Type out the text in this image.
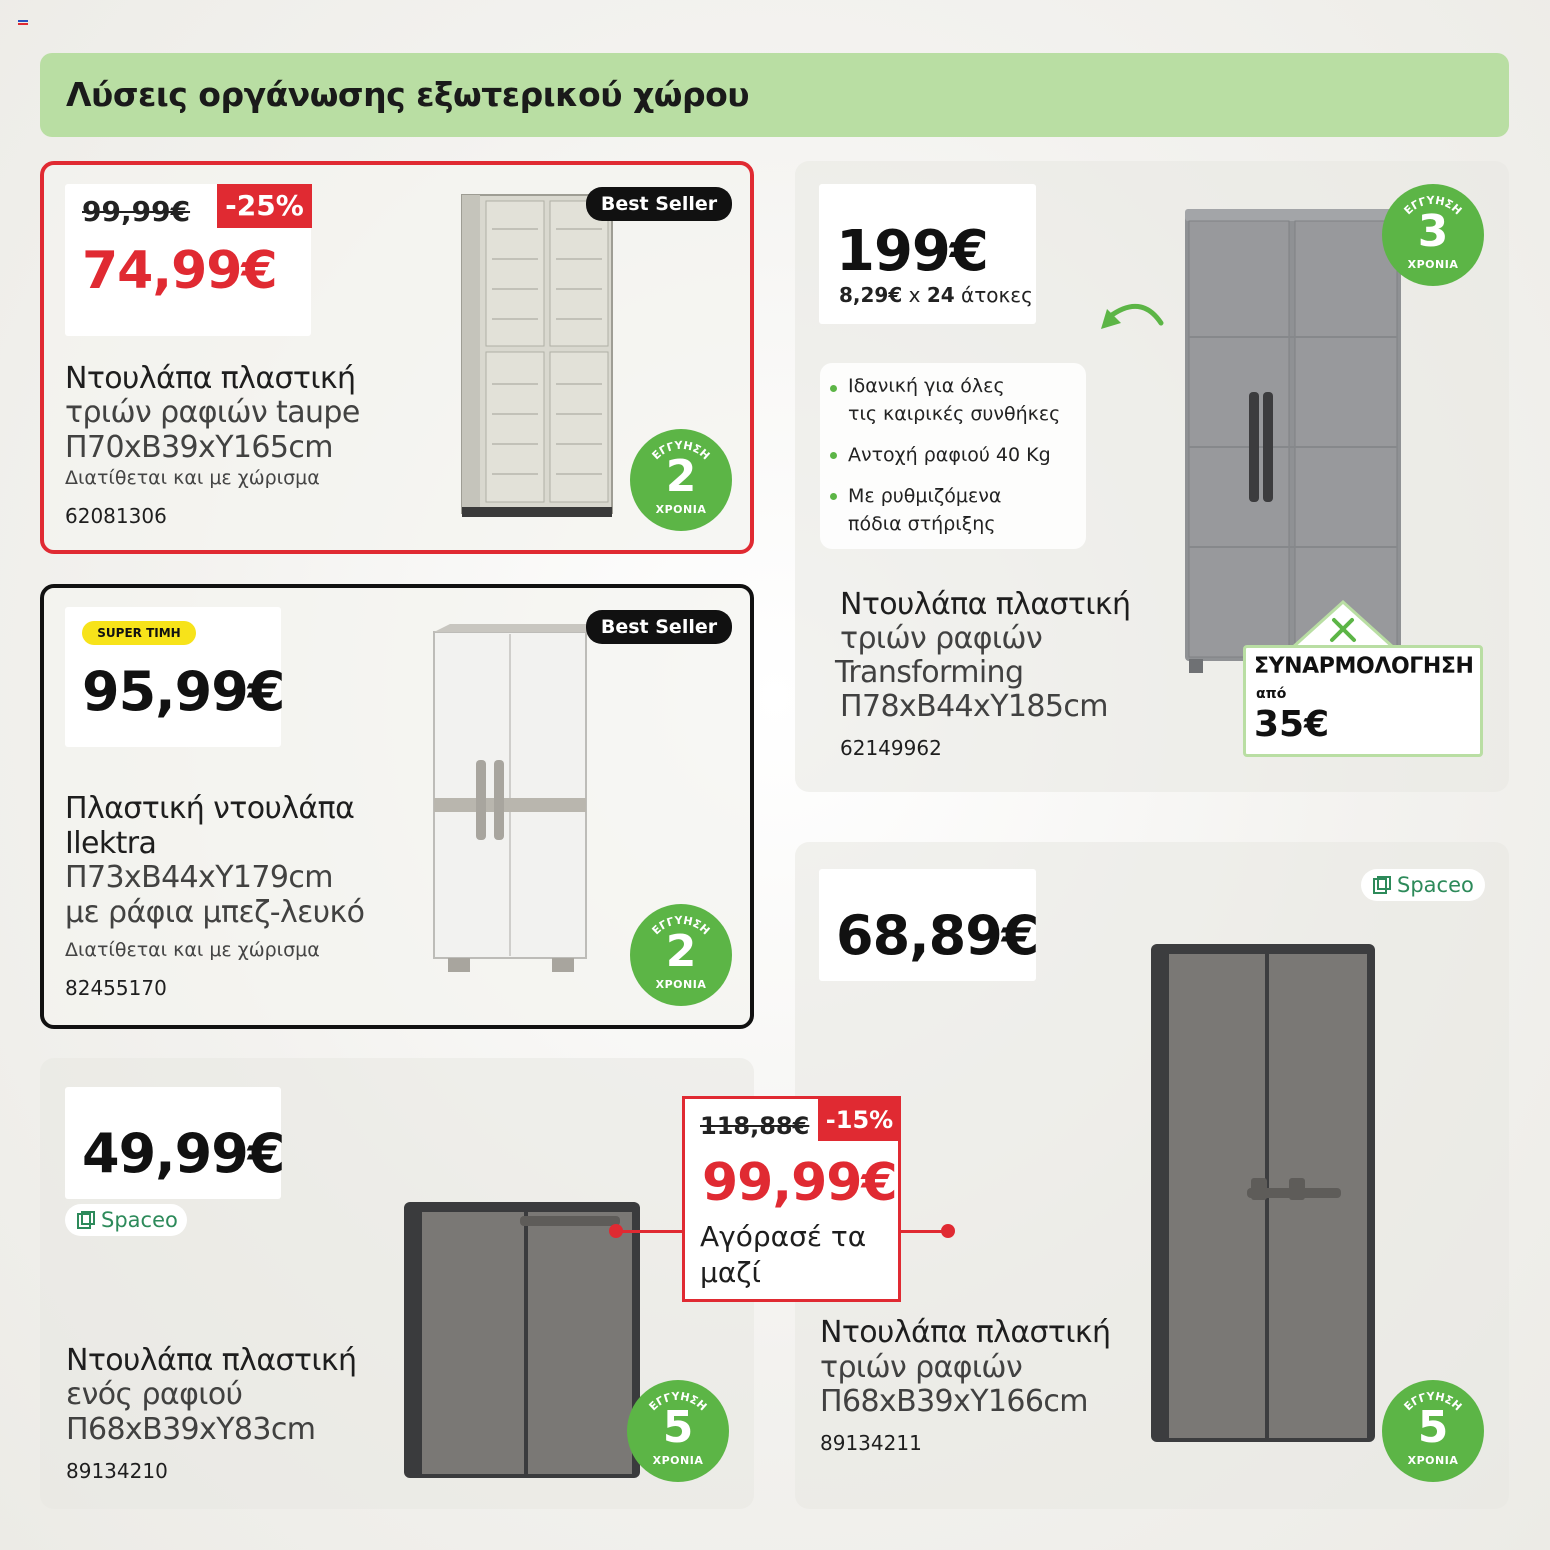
Λύσεις οργάνωσης εξωτερικού χώρου
99,99€ -25%
74,99€
Ντουλάπα πλαστική
τριών ραφιών taupe
Π70xΒ39xΥ165cm
Διατίθεται και με χώρισμα
62081306
Best Seller
ΕΓΓΥΗΣΗ
2
ΧΡΟΝΙΑ
199€
8,29€ x 24 άτοκες
Ντουλάπα πλαστική
τριών ραφιών
Transforming
Π78xΒ44xΥ185cm
62149962
ΕΓΓΥΗΣΗ
3
ΧΡΟΝΙΑ
Ιδανική για όλες
τις καιρικές συνθήκες
Αντοχή ραφιού 40 Kg
Με ρυθμιζόμενα
πόδια στήριξης
ΣΥΝΑΡΜΟΛΟΓΗΣΗ
από
35€
SUPER ΤΙΜΗ
95,99€
Πλαστική ντουλάπα
Ilektra
Π73xΒ44xΥ179cm
με ράφια μπεζ-λευκό
Διατίθεται και με χώρισμα
82455170
Best Seller
ΕΓΓΥΗΣΗ
2
ΧΡΟΝΙΑ
68,89€
Spaceo
Ντουλάπα πλαστική
τριών ραφιών
Π68xΒ39xΥ166cm
89134211
ΕΓΓΥΗΣΗ
5
ΧΡΟΝΙΑ
49,99€
Spaceo
Ντουλάπα πλαστική
ενός ραφιού
Π68xΒ39xΥ83cm
89134210
ΕΓΓΥΗΣΗ
5
ΧΡΟΝΙΑ
118,88€ -15%
99,99€
Αγόρασέ τα
μαζί
